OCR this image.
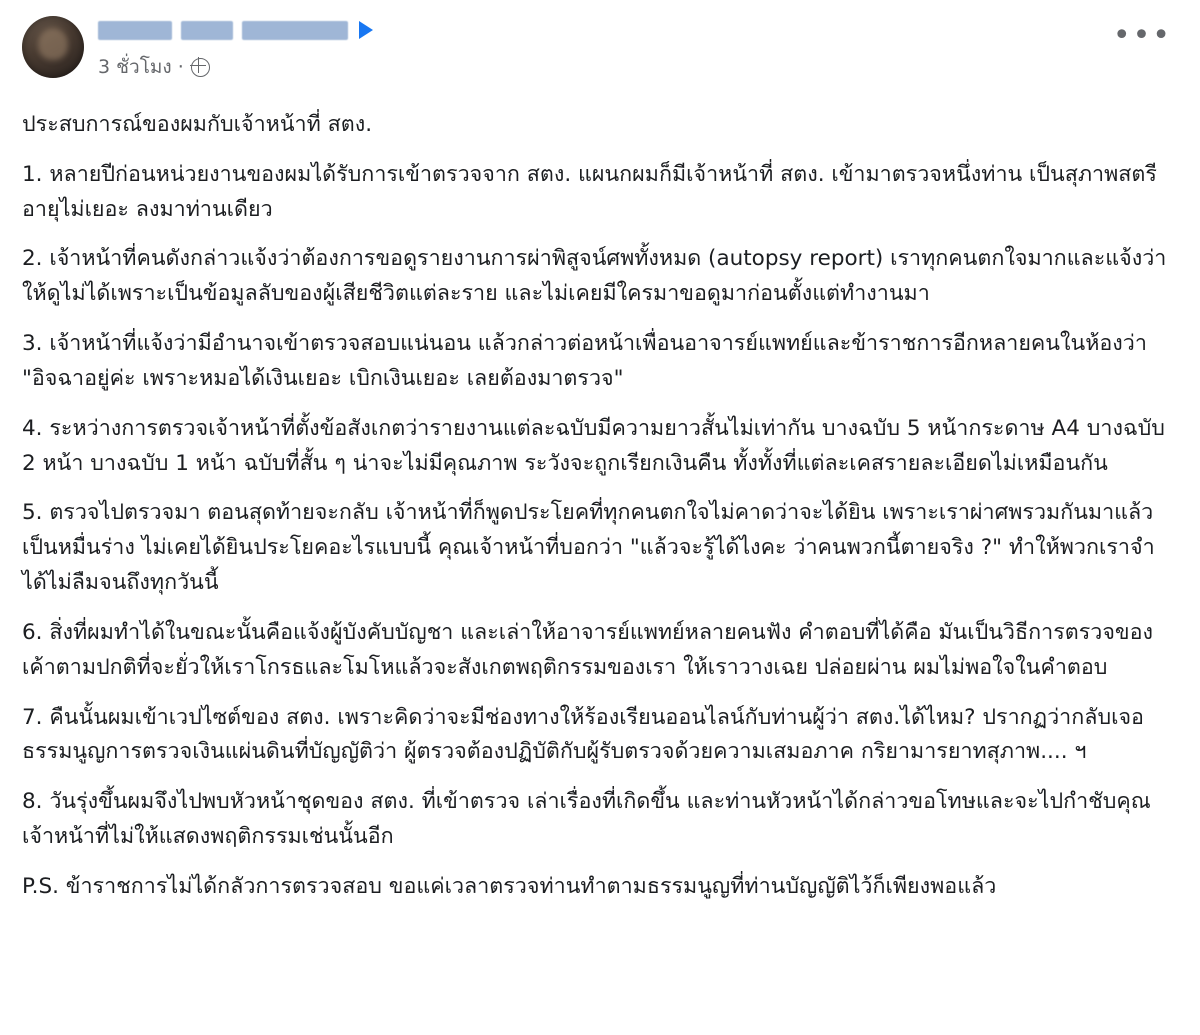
3 ชั่วโมง ·
•••

ประสบการณ์ของผมกับเจ้าหน้าที่ สตง.

1. หลายปีก่อนหน่วยงานของผมได้รับการเข้าตรวจจาก สตง. แผนกผมก็มีเจ้าหน้าที่ สตง. เข้ามาตรวจหนึ่งท่าน เป็นสุภาพสตรีอายุไม่เยอะ ลงมาท่านเดียว

2. เจ้าหน้าที่คนดังกล่าวแจ้งว่าต้องการขอดูรายงานการผ่าพิสูจน์ศพทั้งหมด (autopsy report) เราทุกคนตกใจมากและแจ้งว่าให้ดูไม่ได้เพราะเป็นข้อมูลลับของผู้เสียชีวิตแต่ละราย และไม่เคยมีใครมาขอดูมาก่อนตั้งแต่ทำงานมา

3. เจ้าหน้าที่แจ้งว่ามีอำนาจเข้าตรวจสอบแน่นอน แล้วกล่าวต่อหน้าเพื่อนอาจารย์แพทย์และข้าราชการอีกหลายคนในห้องว่า "อิจฉาอยู่ค่ะ เพราะหมอได้เงินเยอะ เบิกเงินเยอะ เลยต้องมาตรวจ"

4. ระหว่างการตรวจเจ้าหน้าที่ตั้งข้อสังเกตว่ารายงานแต่ละฉบับมีความยาวสั้นไม่เท่ากัน บางฉบับ 5 หน้ากระดาษ A4 บางฉบับ 2 หน้า บางฉบับ 1 หน้า ฉบับที่สั้น ๆ น่าจะไม่มีคุณภาพ ระวังจะถูกเรียกเงินคืน ทั้งทั้งที่แต่ละเคสรายละเอียดไม่เหมือนกัน

5. ตรวจไปตรวจมา ตอนสุดท้ายจะกลับ เจ้าหน้าที่ก็พูดประโยคที่ทุกคนตกใจไม่คาดว่าจะได้ยิน เพราะเราผ่าศพรวมกันมาแล้วเป็นหมื่นร่าง ไม่เคยได้ยินประโยคอะไรแบบนี้ คุณเจ้าหน้าที่บอกว่า "แล้วจะรู้ได้ไงคะ ว่าคนพวกนี้ตายจริง ?" ทำให้พวกเราจำได้ไม่ลืมจนถึงทุกวันนี้

6. สิ่งที่ผมทำได้ในขณะนั้นคือแจ้งผู้บังคับบัญชา และเล่าให้อาจารย์แพทย์หลายคนฟัง คำตอบที่ได้คือ มันเป็นวิธีการตรวจของเค้าตามปกติที่จะยั่วให้เราโกรธและโมโหแล้วจะสังเกตพฤติกรรมของเรา ให้เราวางเฉย ปล่อยผ่าน ผมไม่พอใจในคำตอบ

7. คืนนั้นผมเข้าเวปไซต์ของ สตง. เพราะคิดว่าจะมีช่องทางให้ร้องเรียนออนไลน์กับท่านผู้ว่า สตง.ได้ไหม? ปรากฏว่ากลับเจอธรรมนูญการตรวจเงินแผ่นดินที่บัญญัติว่า ผู้ตรวจต้องปฏิบัติกับผู้รับตรวจด้วยความเสมอภาค กริยามารยาทสุภาพ.... ฯ

8. วันรุ่งขึ้นผมจึงไปพบหัวหน้าชุดของ สตง. ที่เข้าตรวจ เล่าเรื่องที่เกิดขึ้น และท่านหัวหน้าได้กล่าวขอโทษและจะไปกำชับคุณเจ้าหน้าที่ไม่ให้แสดงพฤติกรรมเช่นนั้นอีก

P.S. ข้าราชการไม่ได้กลัวการตรวจสอบ ขอแค่เวลาตรวจท่านทำตามธรรมนูญที่ท่านบัญญัติไว้ก็เพียงพอแล้ว
